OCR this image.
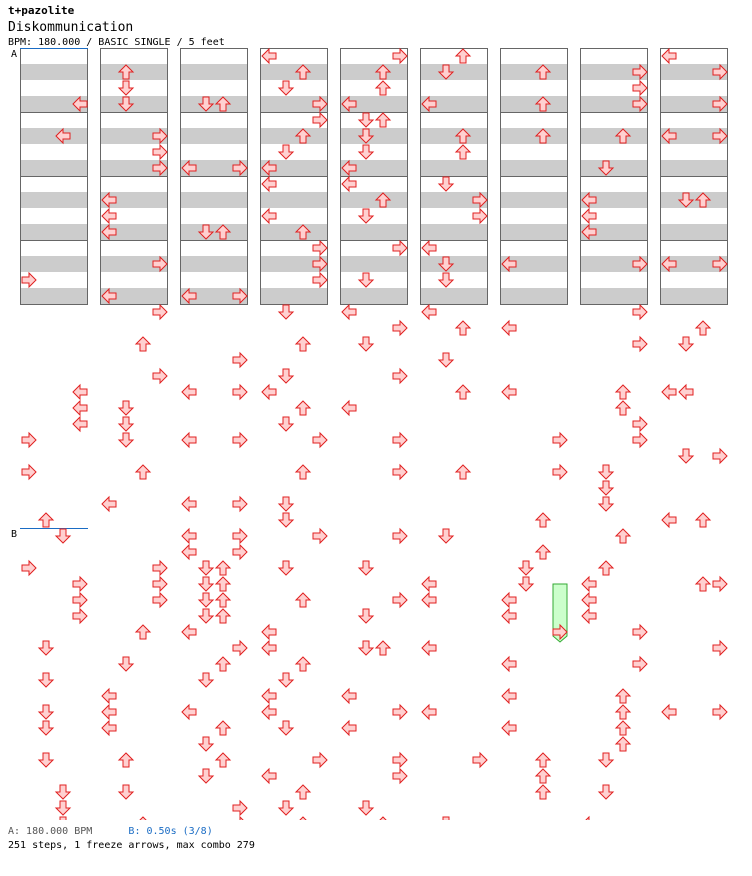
t+pazolite
Diskommunication
BPM: 180.000 / BASIC SINGLE / 5 feet
A
B
A: 180.000 BPM	B: 0.50s (3/8)
251 steps, 1 freeze arrows, max combo 279
